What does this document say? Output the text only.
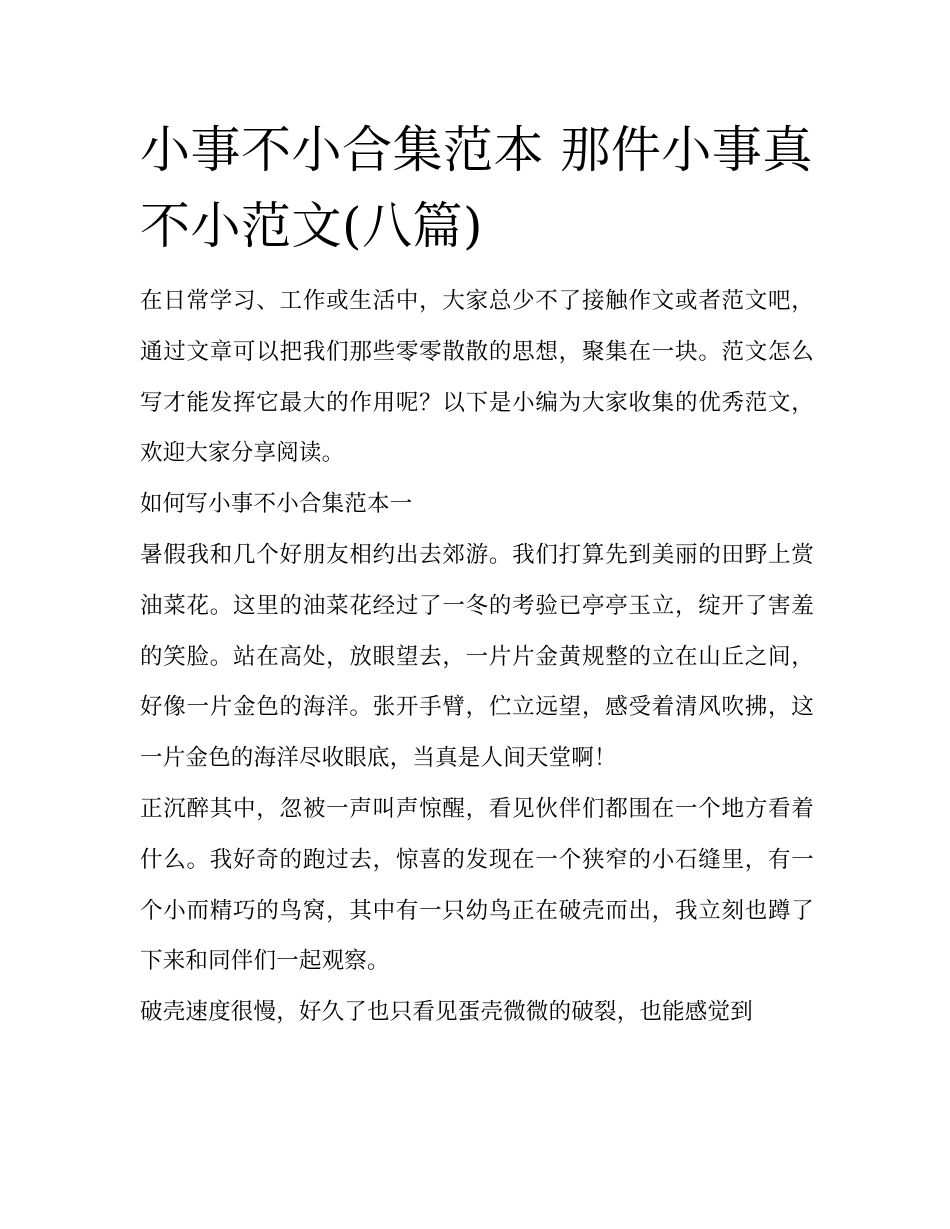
小事不小合集范本 那件小事真
不小范文(八篇)

在日常学习、工作或生活中，大家总少不了接触作文或者范文吧，通过文章可以把我们那些零零散散的思想，聚集在一块。范文怎么写才能发挥它最大的作用呢？以下是小编为大家收集的优秀范文，欢迎大家分享阅读。

如何写小事不小合集范本一

暑假我和几个好朋友相约出去郊游。我们打算先到美丽的田野上赏油菜花。这里的油菜花经过了一冬的考验已亭亭玉立，绽开了害羞的笑脸。站在高处，放眼望去，一片片金黄规整的立在山丘之间，好像一片金色的海洋。张开手臂，伫立远望，感受着清风吹拂，这一片金色的海洋尽收眼底，当真是人间天堂啊！

正沉醉其中，忽被一声叫声惊醒，看见伙伴们都围在一个地方看着什么。我好奇的跑过去，惊喜的发现在一个狭窄的小石缝里，有一个小而精巧的鸟窝，其中有一只幼鸟正在破壳而出，我立刻也蹲了下来和同伴们一起观察。

破壳速度很慢，好久了也只看见蛋壳微微的破裂，也能感觉到
